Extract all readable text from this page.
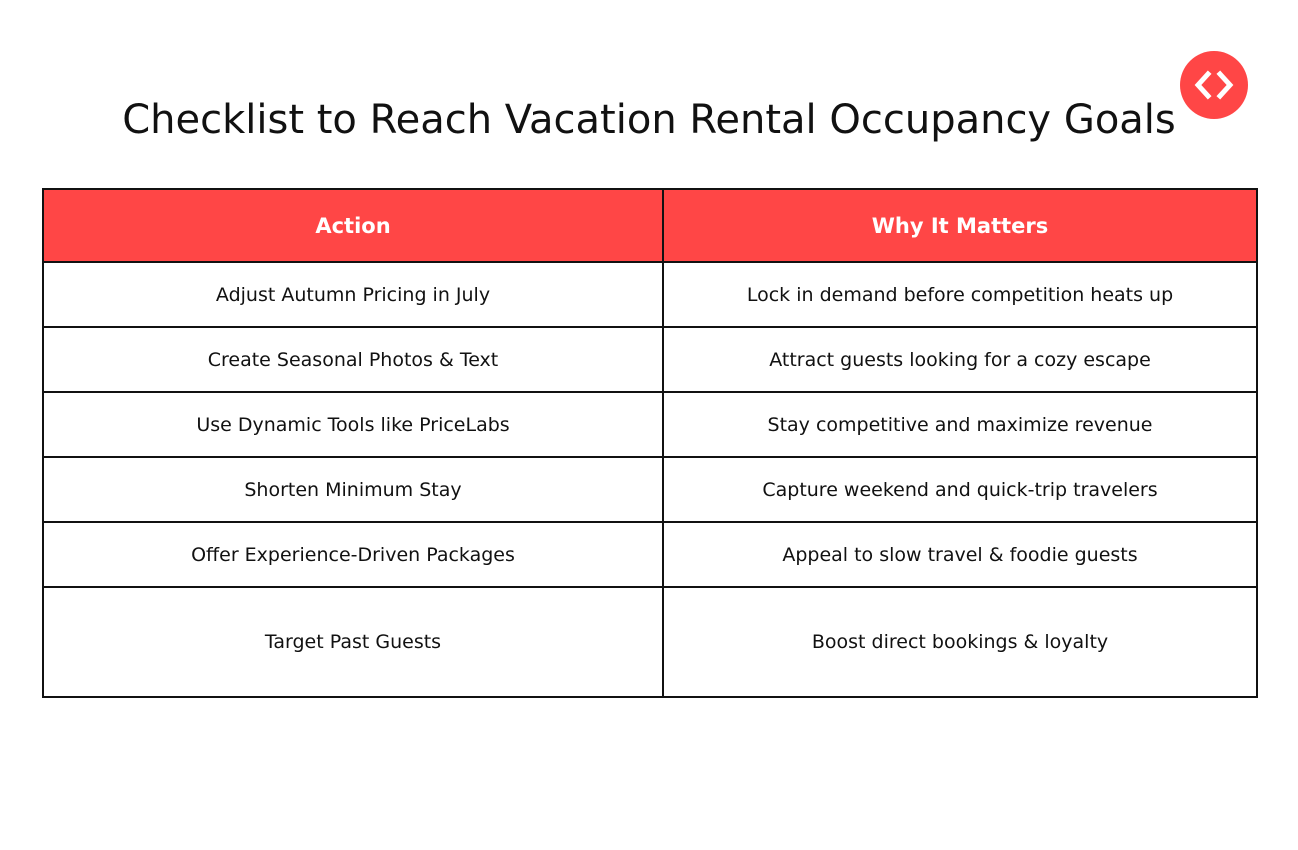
Checklist to Reach Vacation Rental Occupancy Goals
Action	Why It Matters
Adjust Autumn Pricing in July	Lock in demand before competition heats up
Create Seasonal Photos & Text	Attract guests looking for a cozy escape
Use Dynamic Tools like PriceLabs	Stay competitive and maximize revenue
Shorten Minimum Stay	Capture weekend and quick-trip travelers
Offer Experience-Driven Packages	Appeal to slow travel & foodie guests
Target Past Guests	Boost direct bookings & loyalty
